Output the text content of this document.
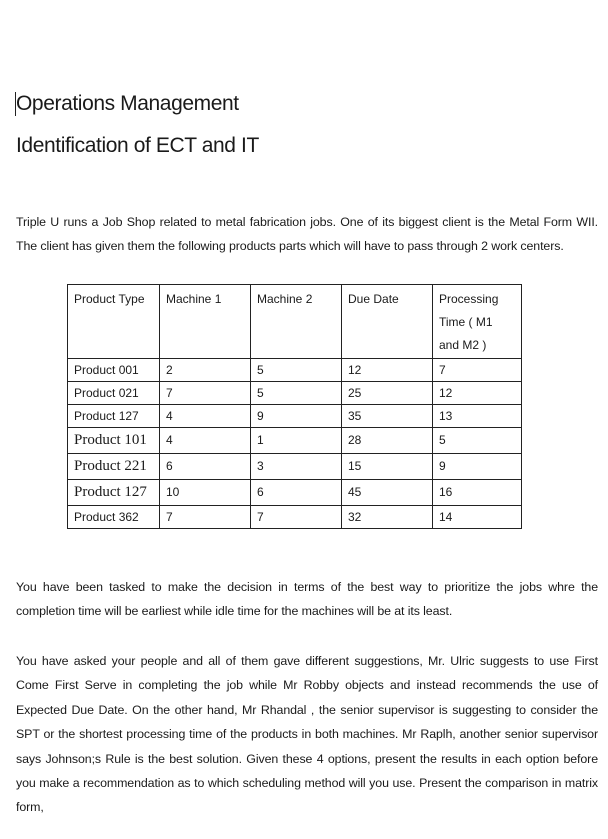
Operations Management
Identification of ECT and IT
Triple U runs a Job Shop related to metal fabrication jobs. One of its biggest client is the Metal Form WII. The client has given them the following products parts which will have to pass through 2 work centers.
Product Type	Machine 1	Machine 2	Due Date	Processing Time ( M1 and M2 )
Product 001	2	5	12	7
Product 021	7	5	25	12
Product 127	4	9	35	13
Product 101	4	1	28	5
Product 221	6	3	15	9
Product 127	10	6	45	16
Product 362	7	7	32	14
You have been tasked to make the decision in terms of the best way to prioritize the jobs whre the completion time will be earliest while idle time for the machines will be at its least.
You have asked your people and all of them gave different suggestions, Mr. Ulric suggests to use First Come First Serve in completing the job while Mr Robby objects and instead recommends the use of Expected Due Date. On the other hand, Mr Rhandal , the senior supervisor is suggesting to consider the SPT or the shortest processing time of the products in both machines. Mr Raplh, another senior supervisor says Johnson;s Rule is the best solution. Given these 4 options, present the results in each option before you make a recommendation as to which scheduling method will you use. Present the comparison in matrix form,
